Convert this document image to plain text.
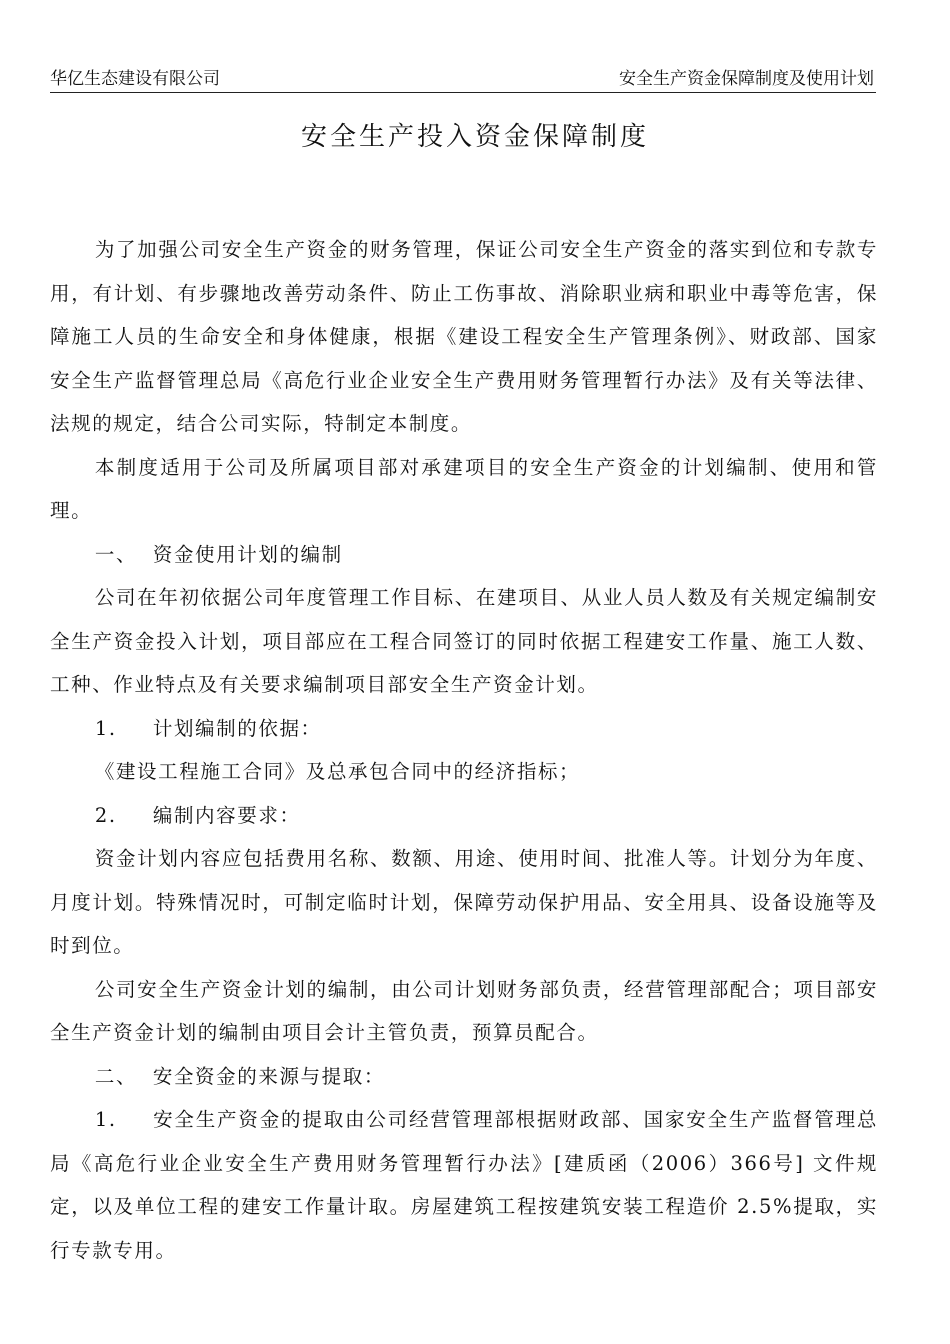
华亿生态建设有限公司	安全生产资金保障制度及使用计划
安全生产投入资金保障制度

为了加强公司安全生产资金的财务管理，保证公司安全生产资金的落实到位和专款专用，有计划、有步骤地改善劳动条件、防止工伤事故、消除职业病和职业中毒等危害，保障施工人员的生命安全和身体健康，根据《建设工程安全生产管理条例》、财政部、国家安全生产监督管理总局《高危行业企业安全生产费用财务管理暂行办法》及有关等法律、法规的规定，结合公司实际，特制定本制度。

本制度适用于公司及所属项目部对承建项目的安全生产资金的计划编制、使用和管理。

一、 资金使用计划的编制

公司在年初依据公司年度管理工作目标、在建项目、从业人员人数及有关规定编制安全生产资金投入计划，项目部应在工程合同签订的同时依据工程建安工作量、施工人数、工种、作业特点及有关要求编制项目部安全生产资金计划。

1. 计划编制的依据：

《建设工程施工合同》及总承包合同中的经济指标；

2. 编制内容要求：

资金计划内容应包括费用名称、数额、用途、使用时间、批准人等。计划分为年度、月度计划。特殊情况时，可制定临时计划，保障劳动保护用品、安全用具、设备设施等及时到位。

公司安全生产资金计划的编制，由公司计划财务部负责，经营管理部配合；项目部安全生产资金计划的编制由项目会计主管负责，预算员配合。

二、 安全资金的来源与提取：

1. 安全生产资金的提取由公司经营管理部根据财政部、国家安全生产监督管理总局《高危行业企业安全生产费用财务管理暂行办法》[建质函（2006）366号] 文件规定，以及单位工程的建安工作量计取。房屋建筑工程按建筑安装工程造价 2.5%提取，实行专款专用。
